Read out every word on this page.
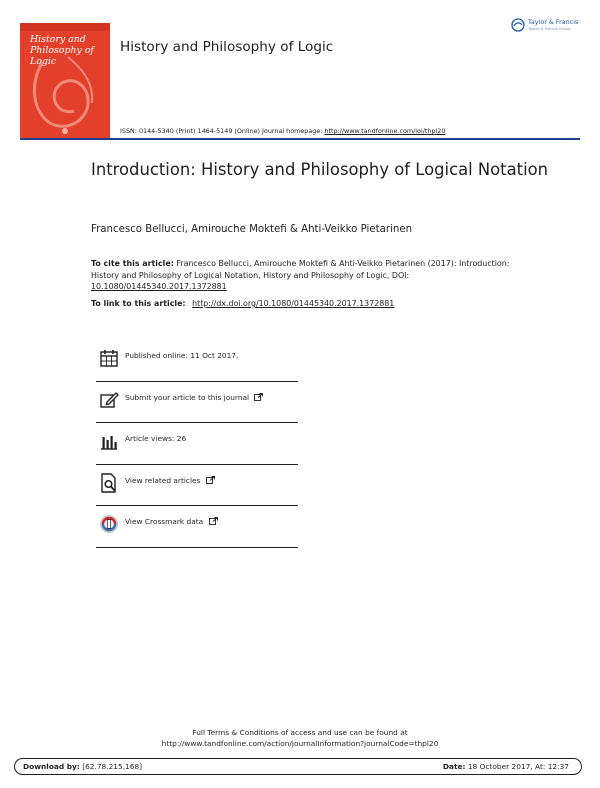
History and
Philosophy of
Logic
History and Philosophy of Logic
Taylor & Francis
Taylor & Francis Group
ISSN: 0144-5340 (Print) 1464-5149 (Online) Journal homepage: http://www.tandfonline.com/loi/thpl20
Introduction: History and Philosophy of Logical Notation
Francesco Bellucci, Amirouche Moktefi & Ahti-Veikko Pietarinen
To cite this article: Francesco Bellucci, Amirouche Moktefi & Ahti-Veikko Pietarinen (2017): Introduction: History and Philosophy of Logical Notation, History and Philosophy of Logic, DOI: 10.1080/01445340.2017.1372881
To link to this article: http://dx.doi.org/10.1080/01445340.2017.1372881
Published online: 11 Oct 2017.
Submit your article to this journal
Article views: 26
View related articles
View Crossmark data
Full Terms & Conditions of access and use can be found at
http://www.tandfonline.com/action/journalInformation?journalCode=thpl20
Download by: [62.78.215.168]	Date: 18 October 2017, At: 12:37
